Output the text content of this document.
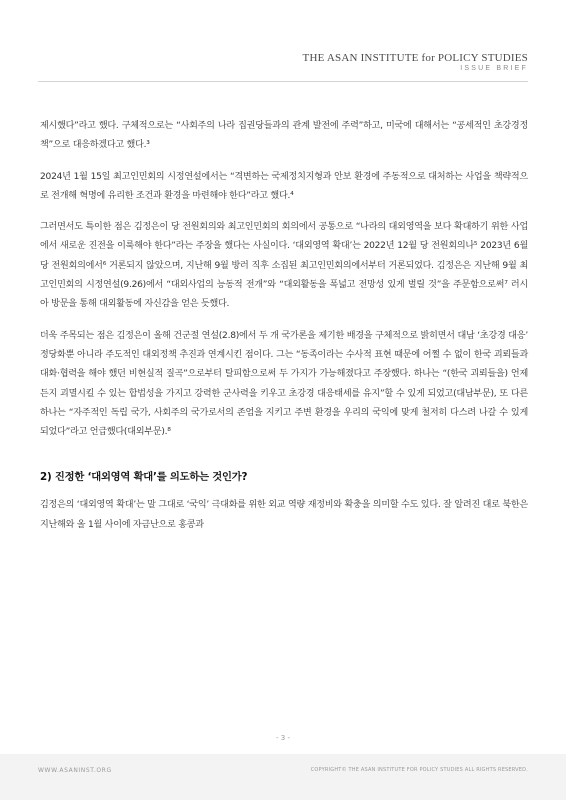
THE ASAN INSTITUTE for POLICY STUDIES
ISSUE BRIEF

제시했다”라고 했다. 구체적으로는 “사회주의 나라 집권당들과의 관계 발전에 주력”하고, 미국에 대해서는 “공세적인 초강경정책”으로 대응하겠다고 했다.³

2024년 1월 15일 최고인민회의 시정연설에서는 “격변하는 국제정치지형과 안보 환경에 주동적으로 대처하는 사업을 책략적으로 전개해 혁명에 유리한 조건과 환경을 마련해야 한다”라고 했다.⁴

그러면서도 특이한 점은 김정은이 당 전원회의와 최고인민회의 회의에서 공통으로 “나라의 대외영역을 보다 확대하기 위한 사업에서 새로운 진전을 이룩해야 한다”라는 주장을 했다는 사실이다. ‘대외영역 확대’는 2022년 12월 당 전원회의나⁵ 2023년 6월 당 전원회의에서⁶ 거론되지 않았으며, 지난해 9월 방러 직후 소집된 최고인민회의에서부터 거론되었다. 김정은은 지난해 9월 최고인민회의 시정연설(9.26)에서 “대외사업의 능동적 전개”와 “대외활동을 폭넓고 전망성 있게 벌릴 것”을 주문함으로써⁷ 러시아 방문을 통해 대외활동에 자신감을 얻은 듯했다.

더욱 주목되는 점은 김정은이 올해 건군절 연설(2.8)에서 두 개 국가론을 제기한 배경을 구체적으로 밝히면서 대남 ‘초강경 대응’ 정당화뿐 아니라 주도적인 대외정책 추진과 연계시킨 점이다. 그는 “동족이라는 수사적 표현 때문에 어쩔 수 없이 한국 괴뢰들과 대화·협력을 해야 했던 비현실적 질곡”으로부터 탈피함으로써 두 가지가 가능해졌다고 주장했다. 하나는 “(한국 괴뢰들을) 언제든지 괴멸시킬 수 있는 합법성을 가지고 강력한 군사력을 키우고 초강경 대응태세를 유지”할 수 있게 되었고(대남부문), 또 다른 하나는 “자주적인 독립 국가, 사회주의 국가로서의 존엄을 지키고 주변 환경을 우리의 국익에 맞게 철저히 다스려 나갈 수 있게 되었다”라고 언급했다(대외부문).⁸

2) 진정한 ‘대외영역 확대’를 의도하는 것인가?

김정은의 ‘대외영역 확대’는 말 그대로 ‘국익’ 극대화를 위한 외교 역량 재정비와 확충을 의미할 수도 있다. 잘 알려진 대로 북한은 지난해와 올 1월 사이에 자금난으로 홍콩과

- 3 -
WWW.ASANINST.ORG	COPYRIGHT© THE ASAN INSTITUTE FOR POLICY STUDIES ALL RIGHTS RESERVED.
